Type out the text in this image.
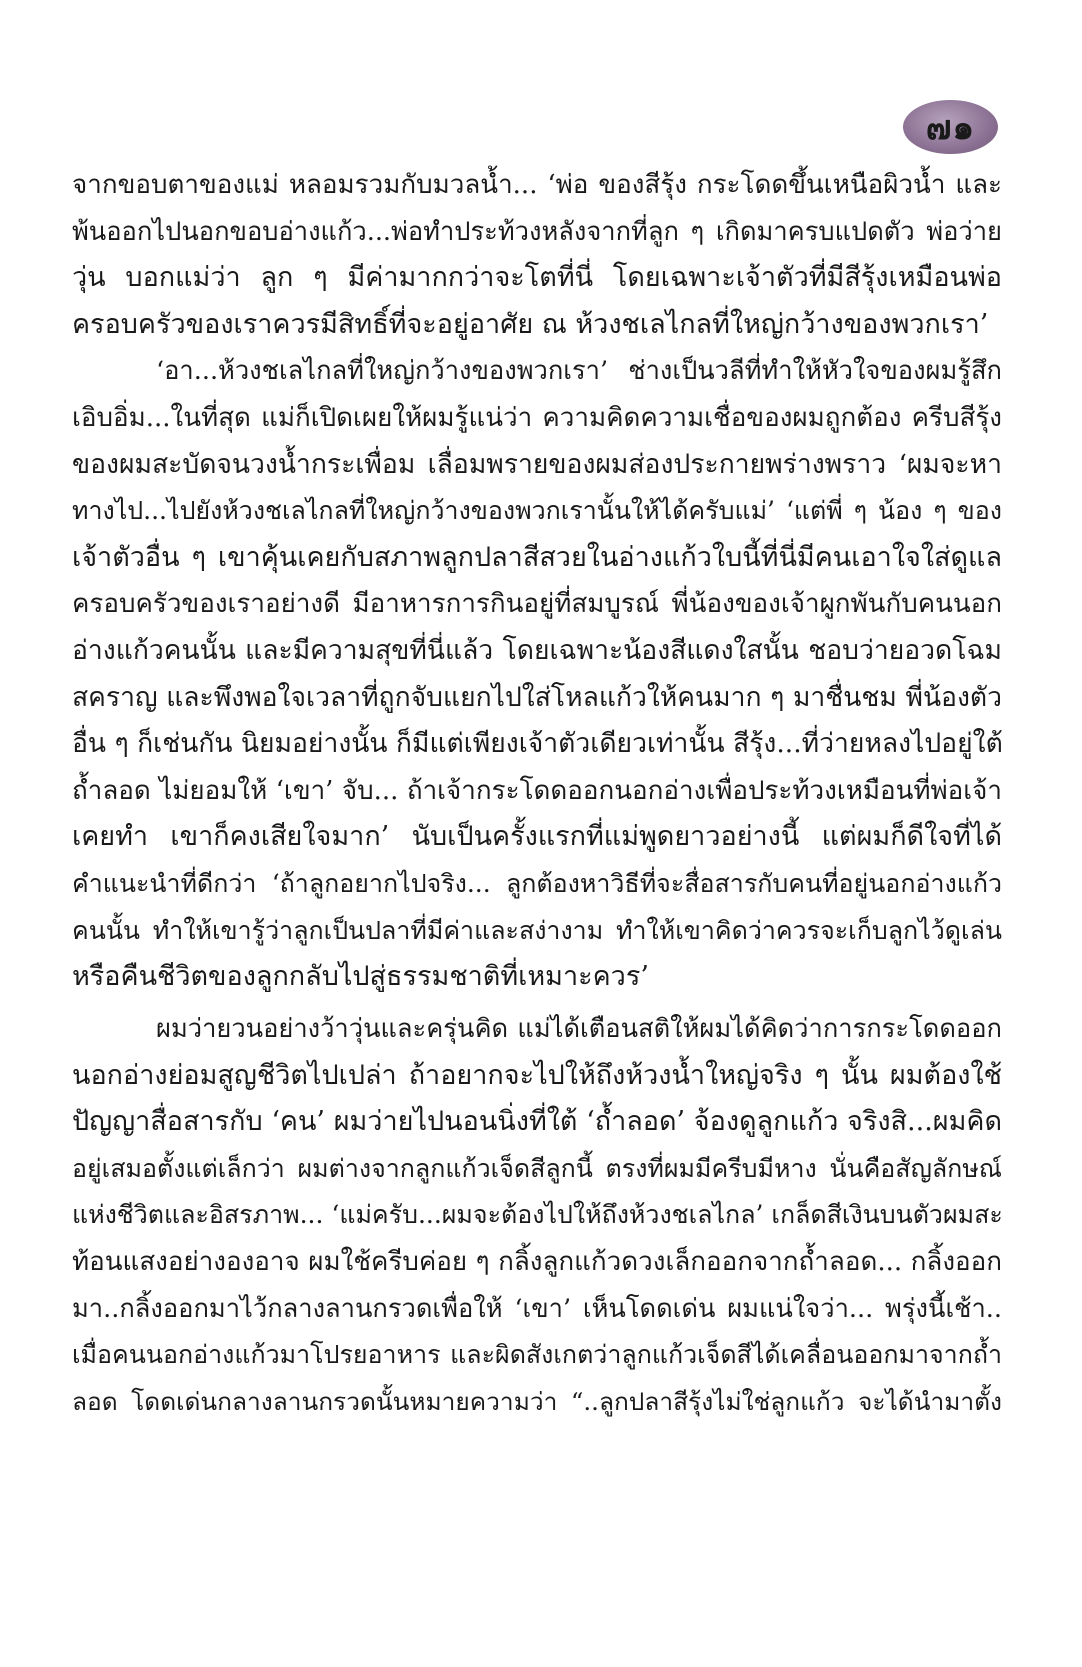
๗๑
จากขอบตาของแม่ หลอมรวมกับมวลน้ำ... ‘พ่อ ของสีรุ้ง กระโดดขึ้นเหนือผิวน้ำ และ
พ้นออกไปนอกขอบอ่างแก้ว...พ่อทำประท้วงหลังจากที่ลูก ๆ เกิดมาครบแปดตัว พ่อว่าย
วุ่น บอกแม่ว่า ลูก ๆ มีค่ามากกว่าจะโตที่นี่ โดยเฉพาะเจ้าตัวที่มีสีรุ้งเหมือนพ่อ
ครอบครัวของเราควรมีสิทธิ์ที่จะอยู่อาศัย ณ ห้วงชเลไกลที่ใหญ่กว้างของพวกเรา’
‘อา...ห้วงชเลไกลที่ใหญ่กว้างของพวกเรา’ ช่างเป็นวลีที่ทำให้หัวใจของผมรู้สึก
เอิบอิ่ม...ในที่สุด แม่ก็เปิดเผยให้ผมรู้แน่ว่า ความคิดความเชื่อของผมถูกต้อง ครีบสีรุ้ง
ของผมสะบัดจนวงน้ำกระเพื่อม เลื่อมพรายของผมส่องประกายพร่างพราว ‘ผมจะหา
ทางไป...ไปยังห้วงชเลไกลที่ใหญ่กว้างของพวกเรานั้นให้ได้ครับแม่’ ‘แต่พี่ ๆ น้อง ๆ ของ
เจ้าตัวอื่น ๆ เขาคุ้นเคยกับสภาพลูกปลาสีสวยในอ่างแก้วใบนี้ที่นี่มีคนเอาใจใส่ดูแล
ครอบครัวของเราอย่างดี มีอาหารการกินอยู่ที่สมบูรณ์ พี่น้องของเจ้าผูกพันกับคนนอก
อ่างแก้วคนนั้น และมีความสุขที่นี่แล้ว โดยเฉพาะน้องสีแดงใสนั้น ชอบว่ายอวดโฉม
สคราญ และพึงพอใจเวลาที่ถูกจับแยกไปใส่โหลแก้วให้คนมาก ๆ มาชื่นชม พี่น้องตัว
อื่น ๆ ก็เช่นกัน นิยมอย่างนั้น ก็มีแต่เพียงเจ้าตัวเดียวเท่านั้น สีรุ้ง...ที่ว่ายหลงไปอยู่ใต้
ถ้ำลอด ไม่ยอมให้ ‘เขา’ จับ... ถ้าเจ้ากระโดดออกนอกอ่างเพื่อประท้วงเหมือนที่พ่อเจ้า
เคยทำ เขาก็คงเสียใจมาก’ นับเป็นครั้งแรกที่แม่พูดยาวอย่างนี้ แต่ผมก็ดีใจที่ได้
คำแนะนำที่ดีกว่า ‘ถ้าลูกอยากไปจริง... ลูกต้องหาวิธีที่จะสื่อสารกับคนที่อยู่นอกอ่างแก้ว
คนนั้น ทำให้เขารู้ว่าลูกเป็นปลาที่มีค่าและสง่างาม ทำให้เขาคิดว่าควรจะเก็บลูกไว้ดูเล่น
หรือคืนชีวิตของลูกกลับไปสู่ธรรมชาติที่เหมาะควร’
ผมว่ายวนอย่างว้าวุ่นและครุ่นคิด แม่ได้เตือนสติให้ผมได้คิดว่าการกระโดดออก
นอกอ่างย่อมสูญชีวิตไปเปล่า ถ้าอยากจะไปให้ถึงห้วงน้ำใหญ่จริง ๆ นั้น ผมต้องใช้
ปัญญาสื่อสารกับ ‘คน’ ผมว่ายไปนอนนิ่งที่ใต้ ‘ถ้ำลอด’ จ้องดูลูกแก้ว จริงสิ...ผมคิด
อยู่เสมอตั้งแต่เล็กว่า ผมต่างจากลูกแก้วเจ็ดสีลูกนี้ ตรงที่ผมมีครีบมีหาง นั่นคือสัญลักษณ์
แห่งชีวิตและอิสรภาพ... ‘แม่ครับ...ผมจะต้องไปให้ถึงห้วงชเลไกล’ เกล็ดสีเงินบนตัวผมสะ
ท้อนแสงอย่างองอาจ ผมใช้ครีบค่อย ๆ กลิ้งลูกแก้วดวงเล็กออกจากถ้ำลอด... กลิ้งออก
มา..กลิ้งออกมาไว้กลางลานกรวดเพื่อให้ ‘เขา’ เห็นโดดเด่น ผมแน่ใจว่า... พรุ่งนี้เช้า..
เมื่อคนนอกอ่างแก้วมาโปรยอาหาร และผิดสังเกตว่าลูกแก้วเจ็ดสีได้เคลื่อนออกมาจากถ้ำ
ลอด โดดเด่นกลางลานกรวดนั้นหมายความว่า “..ลูกปลาสีรุ้งไม่ใช่ลูกแก้ว จะได้นำมาตั้ง
